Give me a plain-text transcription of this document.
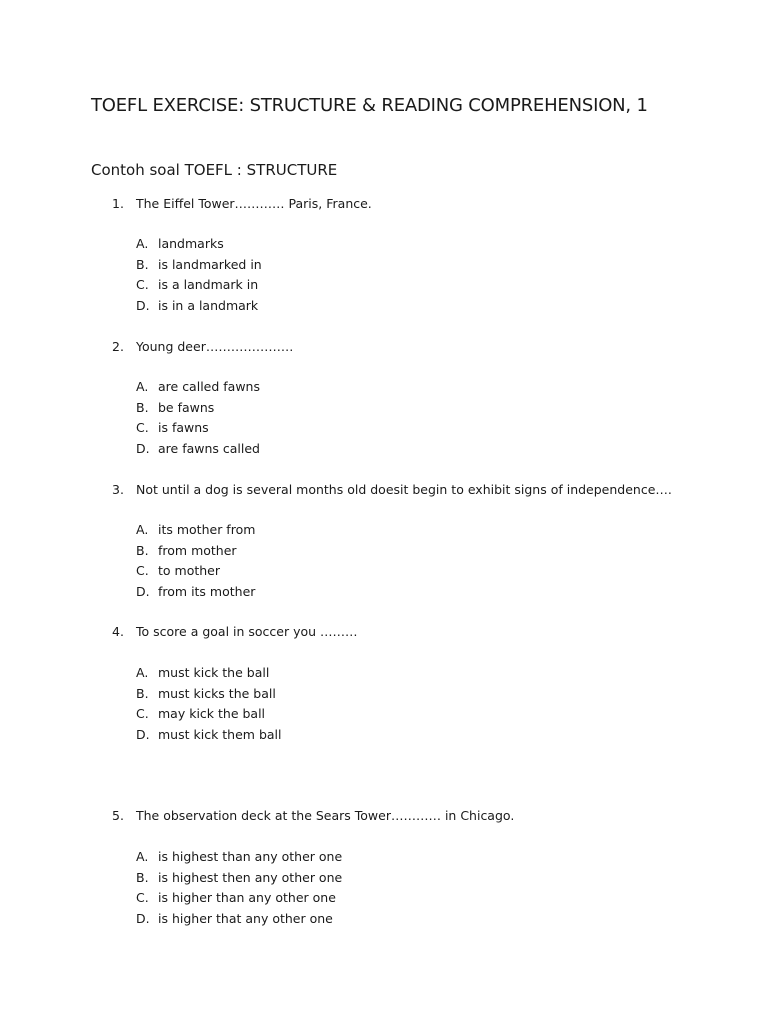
TOEFL EXERCISE: STRUCTURE & READING COMPREHENSION, 1
Contoh soal TOEFL : STRUCTURE
1. The Eiffel Tower………… Paris, France.
A. landmarks
B. is landmarked in
C. is a landmark in
D. is in a landmark
2. Young deer…………………
A. are called fawns
B. be fawns
C. is fawns
D. are fawns called
3. Not until a dog is several months old doesit begin to exhibit signs of independence….
A. its mother from
B. from mother
C. to mother
D. from its mother
4. To score a goal in soccer you ………
A. must kick the ball
B. must kicks the ball
C. may kick the ball
D. must kick them ball
5. The observation deck at the Sears Tower………… in Chicago.
A. is highest than any other one
B. is highest then any other one
C. is higher than any other one
D. is higher that any other one
